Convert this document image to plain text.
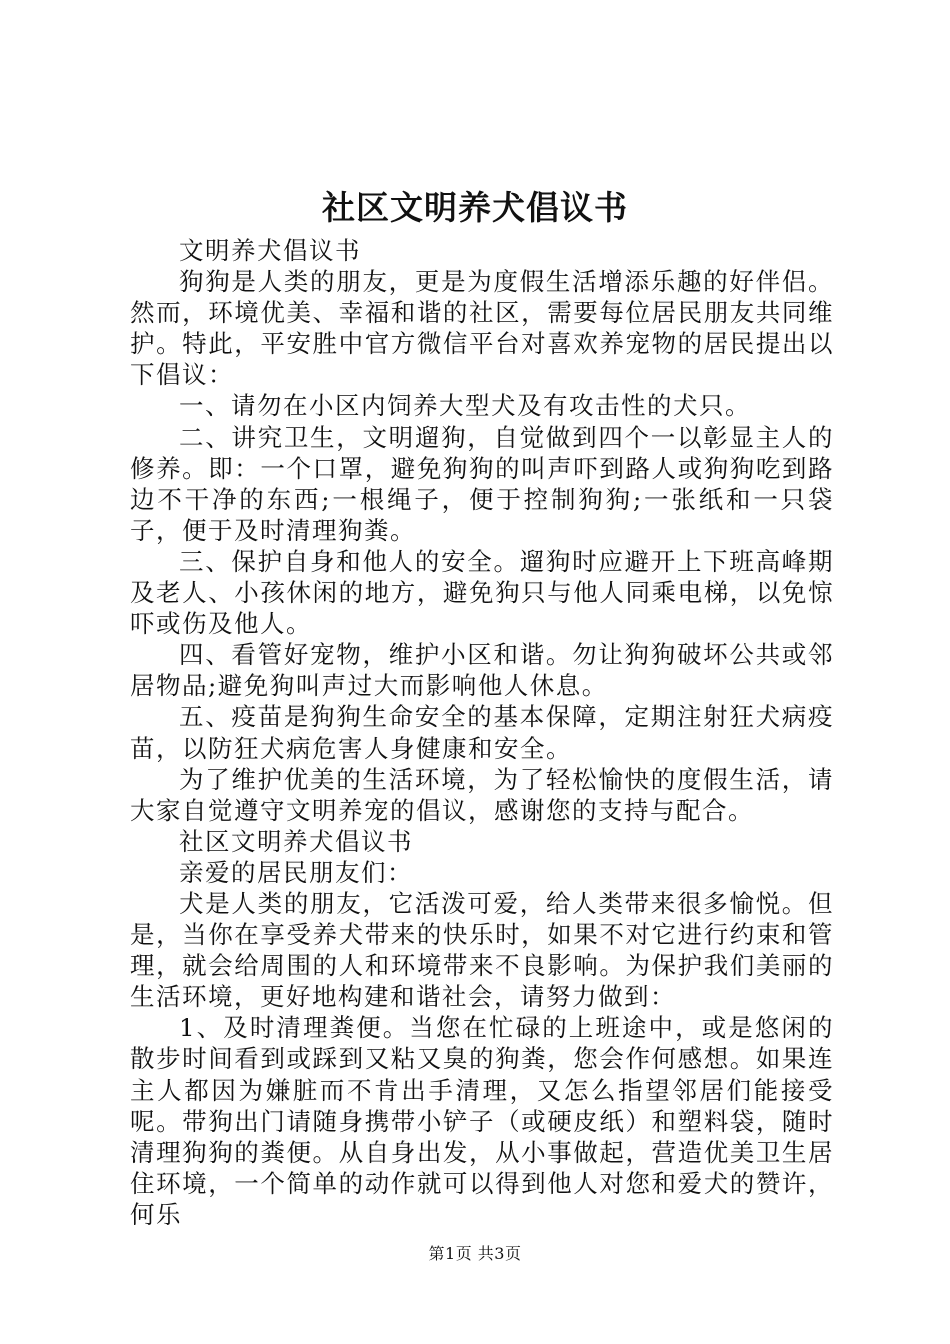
社区文明养犬倡议书

文明养犬倡议书

狗狗是人类的朋友，更是为度假生活增添乐趣的好伴侣。然而，环境优美、幸福和谐的社区，需要每位居民朋友共同维护。特此，平安胜中官方微信平台对喜欢养宠物的居民提出以下倡议：

一、请勿在小区内饲养大型犬及有攻击性的犬只。

二、讲究卫生，文明遛狗，自觉做到四个一以彰显主人的修养。即：一个口罩，避免狗狗的叫声吓到路人或狗狗吃到路边不干净的东西;一根绳子，便于控制狗狗;一张纸和一只袋子，便于及时清理狗粪。

三、保护自身和他人的安全。遛狗时应避开上下班高峰期及老人、小孩休闲的地方，避免狗只与他人同乘电梯，以免惊吓或伤及他人。

四、看管好宠物，维护小区和谐。勿让狗狗破坏公共或邻居物品;避免狗叫声过大而影响他人休息。

五、疫苗是狗狗生命安全的基本保障，定期注射狂犬病疫苗，以防狂犬病危害人身健康和安全。

为了维护优美的生活环境，为了轻松愉快的度假生活，请大家自觉遵守文明养宠的倡议，感谢您的支持与配合。

社区文明养犬倡议书

亲爱的居民朋友们：

犬是人类的朋友，它活泼可爱，给人类带来很多愉悦。但是，当你在享受养犬带来的快乐时，如果不对它进行约束和管理，就会给周围的人和环境带来不良影响。为保护我们美丽的生活环境，更好地构建和谐社会，请努力做到：

1、及时清理粪便。当您在忙碌的上班途中，或是悠闲的散步时间看到或踩到又粘又臭的狗粪，您会作何感想。如果连主人都因为嫌脏而不肯出手清理，又怎么指望邻居们能接受呢。带狗出门请随身携带小铲子（或硬皮纸）和塑料袋，随时清理狗狗的粪便。从自身出发，从小事做起，营造优美卫生居住环境，一个简单的动作就可以得到他人对您和爱犬的赞许，何乐

第1页 共3页
